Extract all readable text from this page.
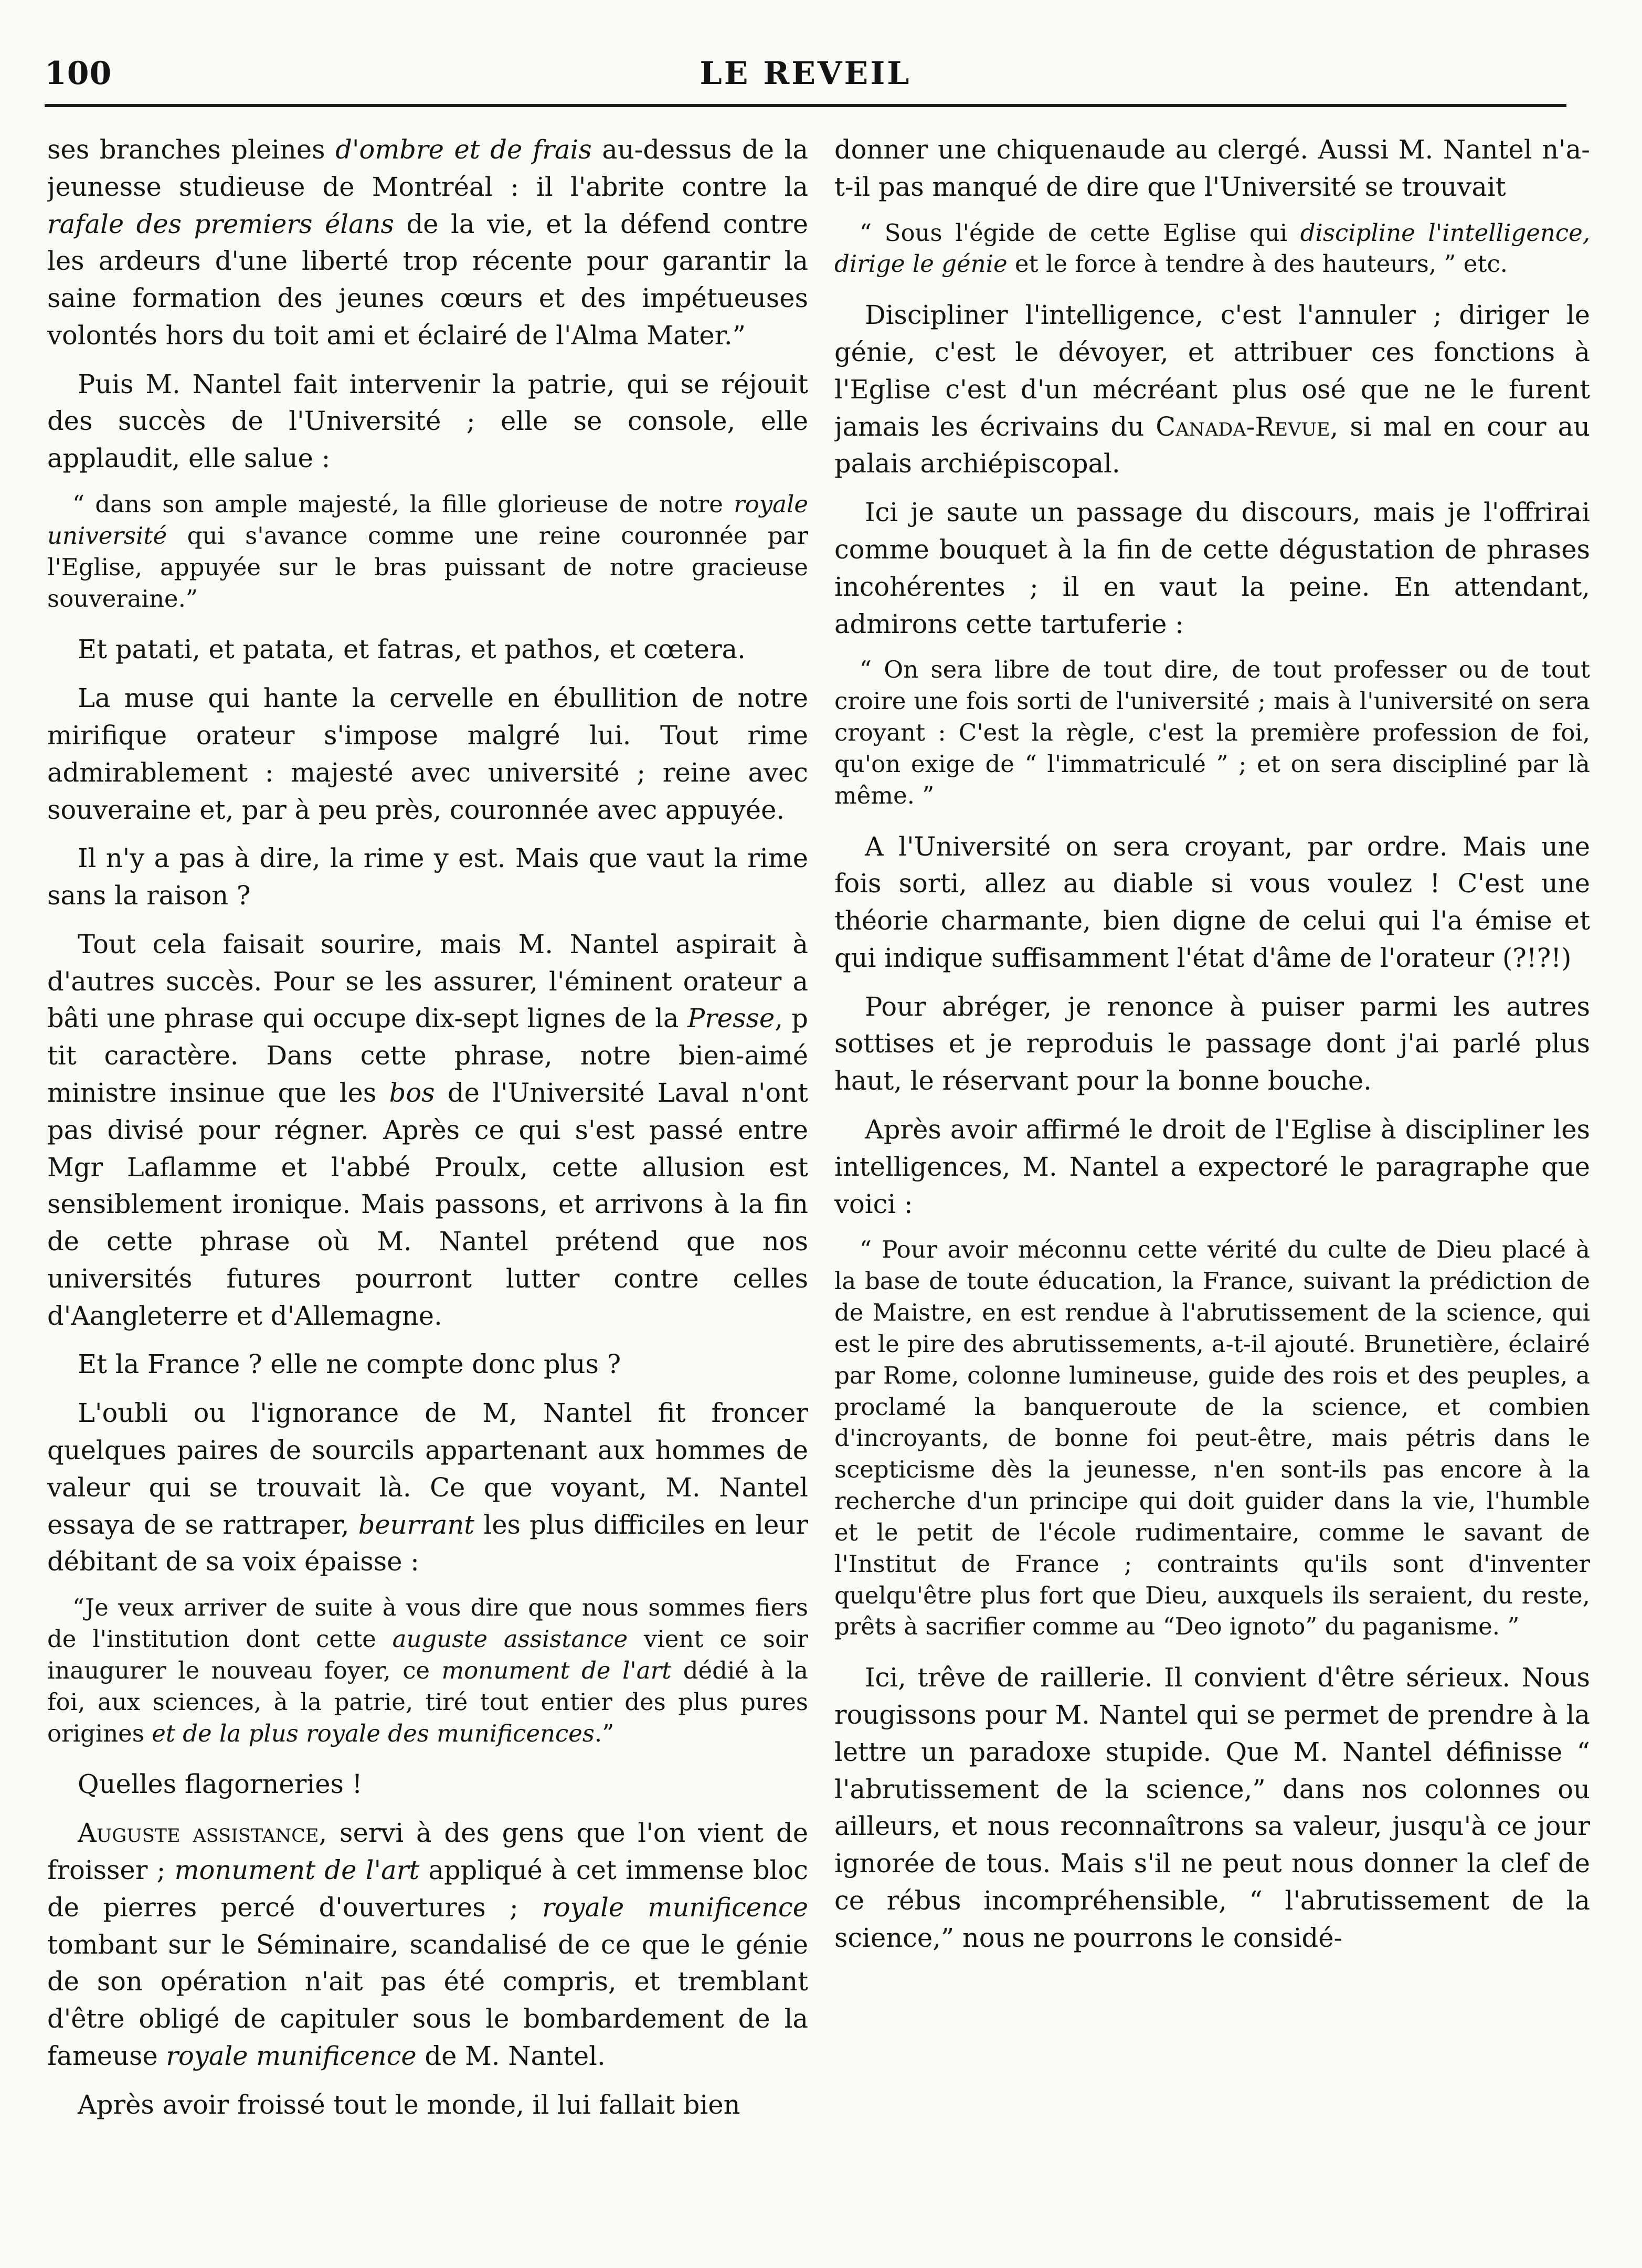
100	LE REVEIL

ses branches pleines d'ombre et de frais au-dessus de la jeunesse studieuse de Montréal : il l'abrite contre la rafale des premiers élans de la vie, et la défend contre les ardeurs d'une liberté trop récente pour garantir la saine formation des jeunes cœurs et des impétueuses volontés hors du toit ami et éclairé de l'Alma Mater.”

Puis M. Nantel fait intervenir la patrie, qui se réjouit des succès de l'Université ; elle se console, elle applaudit, elle salue :

“ dans son ample majesté, la fille glorieuse de notre royale université qui s'avance comme une reine couronnée par l'Eglise, appuyée sur le bras puissant de notre gracieuse souveraine.”

Et patati, et patata, et fatras, et pathos, et cœtera.

La muse qui hante la cervelle en ébullition de notre mirifique orateur s'impose malgré lui. Tout rime admirablement : majesté avec université ; reine avec souveraine et, par à peu près, couronnée avec appuyée.

Il n'y a pas à dire, la rime y est. Mais que vaut la rime sans la raison ?

Tout cela faisait sourire, mais M. Nantel aspirait à d'autres succès. Pour se les assurer, l'éminent orateur a bâti une phrase qui occupe dix-sept lignes de la Presse, p tit caractère. Dans cette phrase, notre bien-aimé ministre insinue que les bos de l'Université Laval n'ont pas divisé pour régner. Après ce qui s'est passé entre Mgr Laflamme et l'abbé Proulx, cette allusion est sensiblement ironique. Mais passons, et arrivons à la fin de cette phrase où M. Nantel prétend que nos universités futures pourront lutter contre celles d'Aangleterre et d'Allemagne.

Et la France ? elle ne compte donc plus ?

L'oubli ou l'ignorance de M, Nantel fit froncer quelques paires de sourcils appartenant aux hommes de valeur qui se trouvait là. Ce que voyant, M. Nantel essaya de se rattraper, beurrant les plus difficiles en leur débitant de sa voix épaisse :

“Je veux arriver de suite à vous dire que nous sommes fiers de l'institution dont cette auguste assistance vient ce soir inaugurer le nouveau foyer, ce monument de l'art dédié à la foi, aux sciences, à la patrie, tiré tout entier des plus pures origines et de la plus royale des munificences.”

Quelles flagorneries !

Auguste assistance, servi à des gens que l'on vient de froisser ; monument de l'art appliqué à cet immense bloc de pierres percé d'ouvertures ; royale munificence tombant sur le Séminaire, scandalisé de ce que le génie de son opération n'ait pas été compris, et tremblant d'être obligé de capituler sous le bombardement de la fameuse royale munificence de M. Nantel.

Après avoir froissé tout le monde, il lui fallait bien

donner une chiquenaude au clergé. Aussi M. Nantel n'a-t-il pas manqué de dire que l'Université se trouvait

“ Sous l'égide de cette Eglise qui discipline l'intelligence, dirige le génie et le force à tendre à des hauteurs, ” etc.

Discipliner l'intelligence, c'est l'annuler ; diriger le génie, c'est le dévoyer, et attribuer ces fonctions à l'Eglise c'est d'un mécréant plus osé que ne le furent jamais les écrivains du Canada-Revue, si mal en cour au palais archiépiscopal.

Ici je saute un passage du discours, mais je l'offrirai comme bouquet à la fin de cette dégustation de phrases incohérentes ; il en vaut la peine. En attendant, admirons cette tartuferie :

“ On sera libre de tout dire, de tout professer ou de tout croire une fois sorti de l'université ; mais à l'université on sera croyant : C'est la règle, c'est la première profession de foi, qu'on exige de “ l'immatriculé ” ; et on sera discipliné par là même. ”

A l'Université on sera croyant, par ordre. Mais une fois sorti, allez au diable si vous voulez ! C'est une théorie charmante, bien digne de celui qui l'a émise et qui indique suffisamment l'état d'âme de l'orateur (?!?!)

Pour abréger, je renonce à puiser parmi les autres sottises et je reproduis le passage dont j'ai parlé plus haut, le réservant pour la bonne bouche.

Après avoir affirmé le droit de l'Eglise à discipliner les intelligences, M. Nantel a expectoré le paragraphe que voici :

“ Pour avoir méconnu cette vérité du culte de Dieu placé à la base de toute éducation, la France, suivant la prédiction de de Maistre, en est rendue à l'abrutissement de la science, qui est le pire des abrutissements, a-t-il ajouté. Brunetière, éclairé par Rome, colonne lumineuse, guide des rois et des peuples, a proclamé la banqueroute de la science, et combien d'incroyants, de bonne foi peut-être, mais pétris dans le scepticisme dès la jeunesse, n'en sont-ils pas encore à la recherche d'un principe qui doit guider dans la vie, l'humble et le petit de l'école rudimentaire, comme le savant de l'Institut de France ; contraints qu'ils sont d'inventer quelqu'être plus fort que Dieu, auxquels ils seraient, du reste, prêts à sacrifier comme au “Deo ignoto” du paganisme. ”

Ici, trêve de raillerie. Il convient d'être sérieux. Nous rougissons pour M. Nantel qui se permet de prendre à la lettre un paradoxe stupide. Que M. Nantel définisse “ l'abrutissement de la science,” dans nos colonnes ou ailleurs, et nous reconnaîtrons sa valeur, jusqu'à ce jour ignorée de tous. Mais s'il ne peut nous donner la clef de ce rébus incompréhensible, “ l'abrutissement de la science,” nous ne pourrons le considé-
